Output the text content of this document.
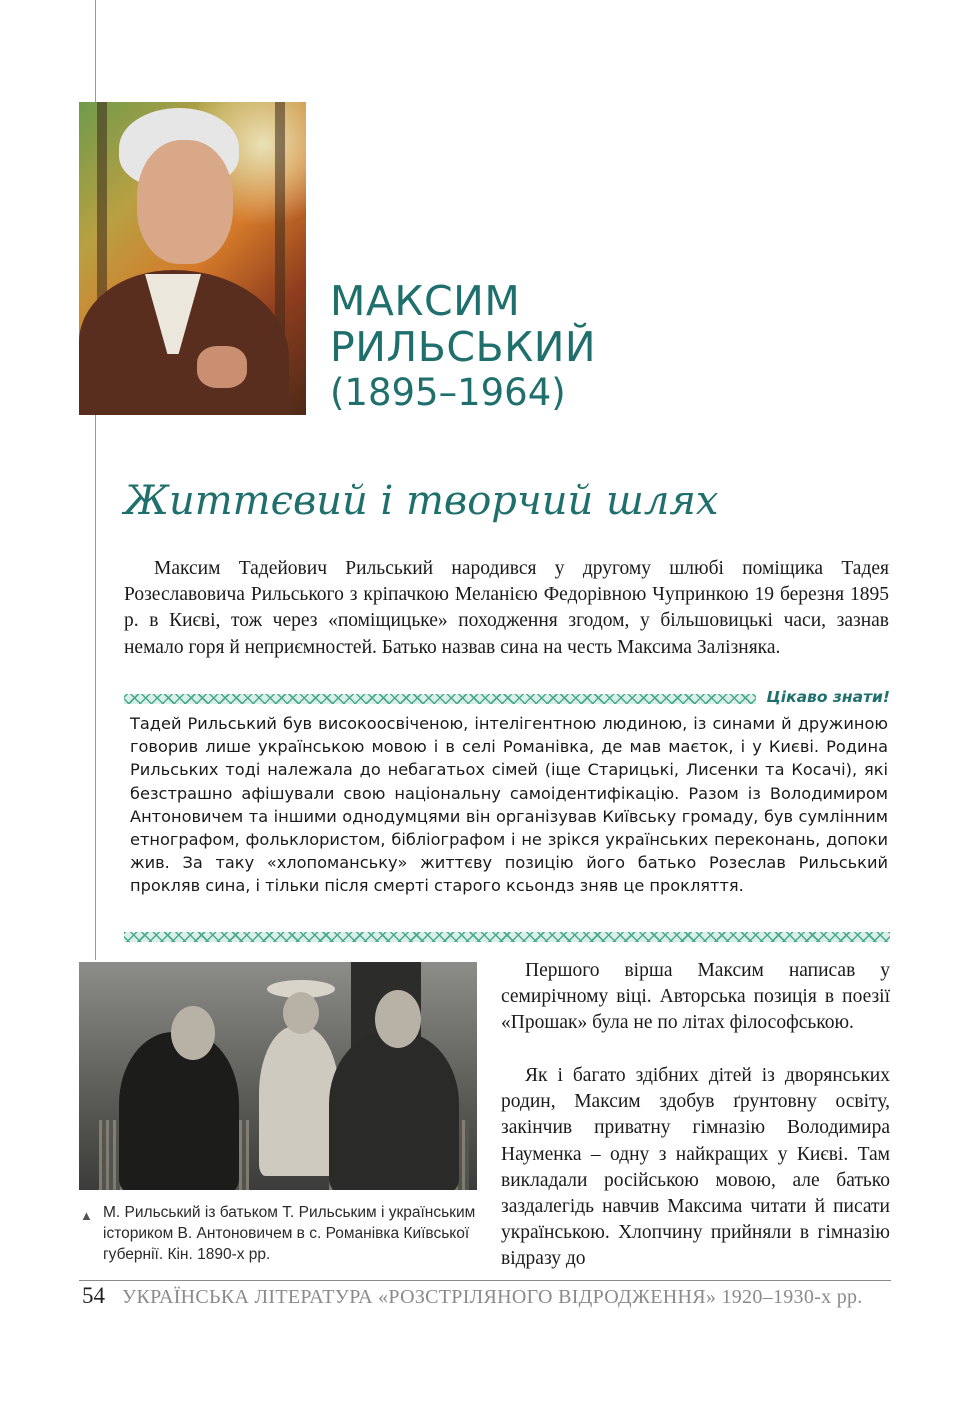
МАКСИМ
РИЛЬСЬКИЙ
(1895–1964)
Життєвий і творчий шлях

Максим Тадейович Рильський народився у другому шлюбі поміщика Тадея Розеславовича Рильського з кріпачкою Меланією Федорівною Чупринкою 19 березня 1895 р. в Києві, тож через «поміщицьке» походження згодом, у більшовицькі часи, зазнав немало горя й неприємностей. Батько назвав сина на честь Максима Залізняка.

Цікаво знати!

Тадей Рильський був високоосвіченою, інтелігентною людиною, із синами й дружиною говорив лише українською мовою і в селі Романівка, де мав маєток, і у Києві. Родина Рильських тоді належала до небагатьох сімей (іще Старицькі, Лисенки та Косачі), які безстрашно афішували свою національну самоідентифікацію. Разом із Володимиром Антоновичем та іншими однодумцями він організував Київську громаду, був сумлінним етнографом, фольклористом, бібліографом і не зрікся українських переконань, допоки жив. За таку «хлопоманську» життєву позицію його батько Розеслав Рильський прокляв сина, і тільки після смерті старого ксьондз зняв це прокляття.

▲ М. Рильський із батьком Т. Рильським і українським істориком В. Антоновичем в с. Романівка Київської губернії. Кін. 1890-х рр.

Першого вірша Максим написав у семирічному віці. Авторська позиція в поезії «Прошак» була не по літах філософською.

Як і багато здібних дітей із дворянських родин, Максим здобув ґрунтовну освіту, закінчив приватну гімназію Володимира Науменка – одну з найкращих у Києві. Там викладали російською мовою, але батько заздалегідь навчив Максима читати й писати українською. Хлопчину прийняли в гімназію відразу до

54 УКРАЇНСЬКА ЛІТЕРАТУРА «РОЗСТРІЛЯНОГО ВІДРОДЖЕННЯ» 1920–1930-х рр.
